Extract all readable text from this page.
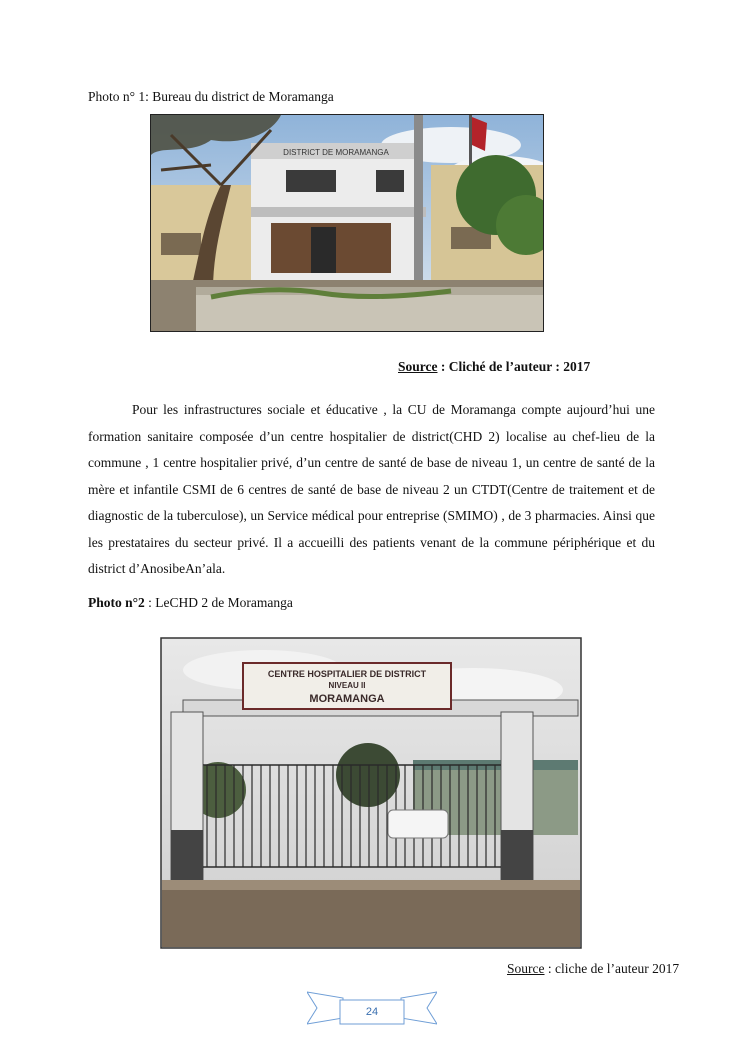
Photo n° 1: Bureau du district de Moramanga
DISTRICT DE MORAMANGA
Source : Cliché de l’auteur : 2017

Pour les infrastructures sociale et éducative , la CU de Moramanga compte aujourd’hui une formation sanitaire composée d’un centre hospitalier de district(CHD 2) localise au chef-lieu de la commune , 1 centre hospitalier privé, d’un centre de santé de base de niveau 1, un centre de santé de la mère et infantile CSMI de 6 centres de santé de base de niveau 2 un CTDT(Centre de traitement et de diagnostic de la tuberculose), un Service médical pour entreprise (SMIMO) , de 3 pharmacies. Ainsi que les prestataires du secteur privé. Il a accueilli des patients venant de la commune périphérique et du district d’AnosibeAn’ala.

Photo n°2 : LeCHD 2 de Moramanga
CENTRE HOSPITALIER DE DISTRICT
NIVEAU II
MORAMANGA
Source : cliche de l’auteur 2017
24
